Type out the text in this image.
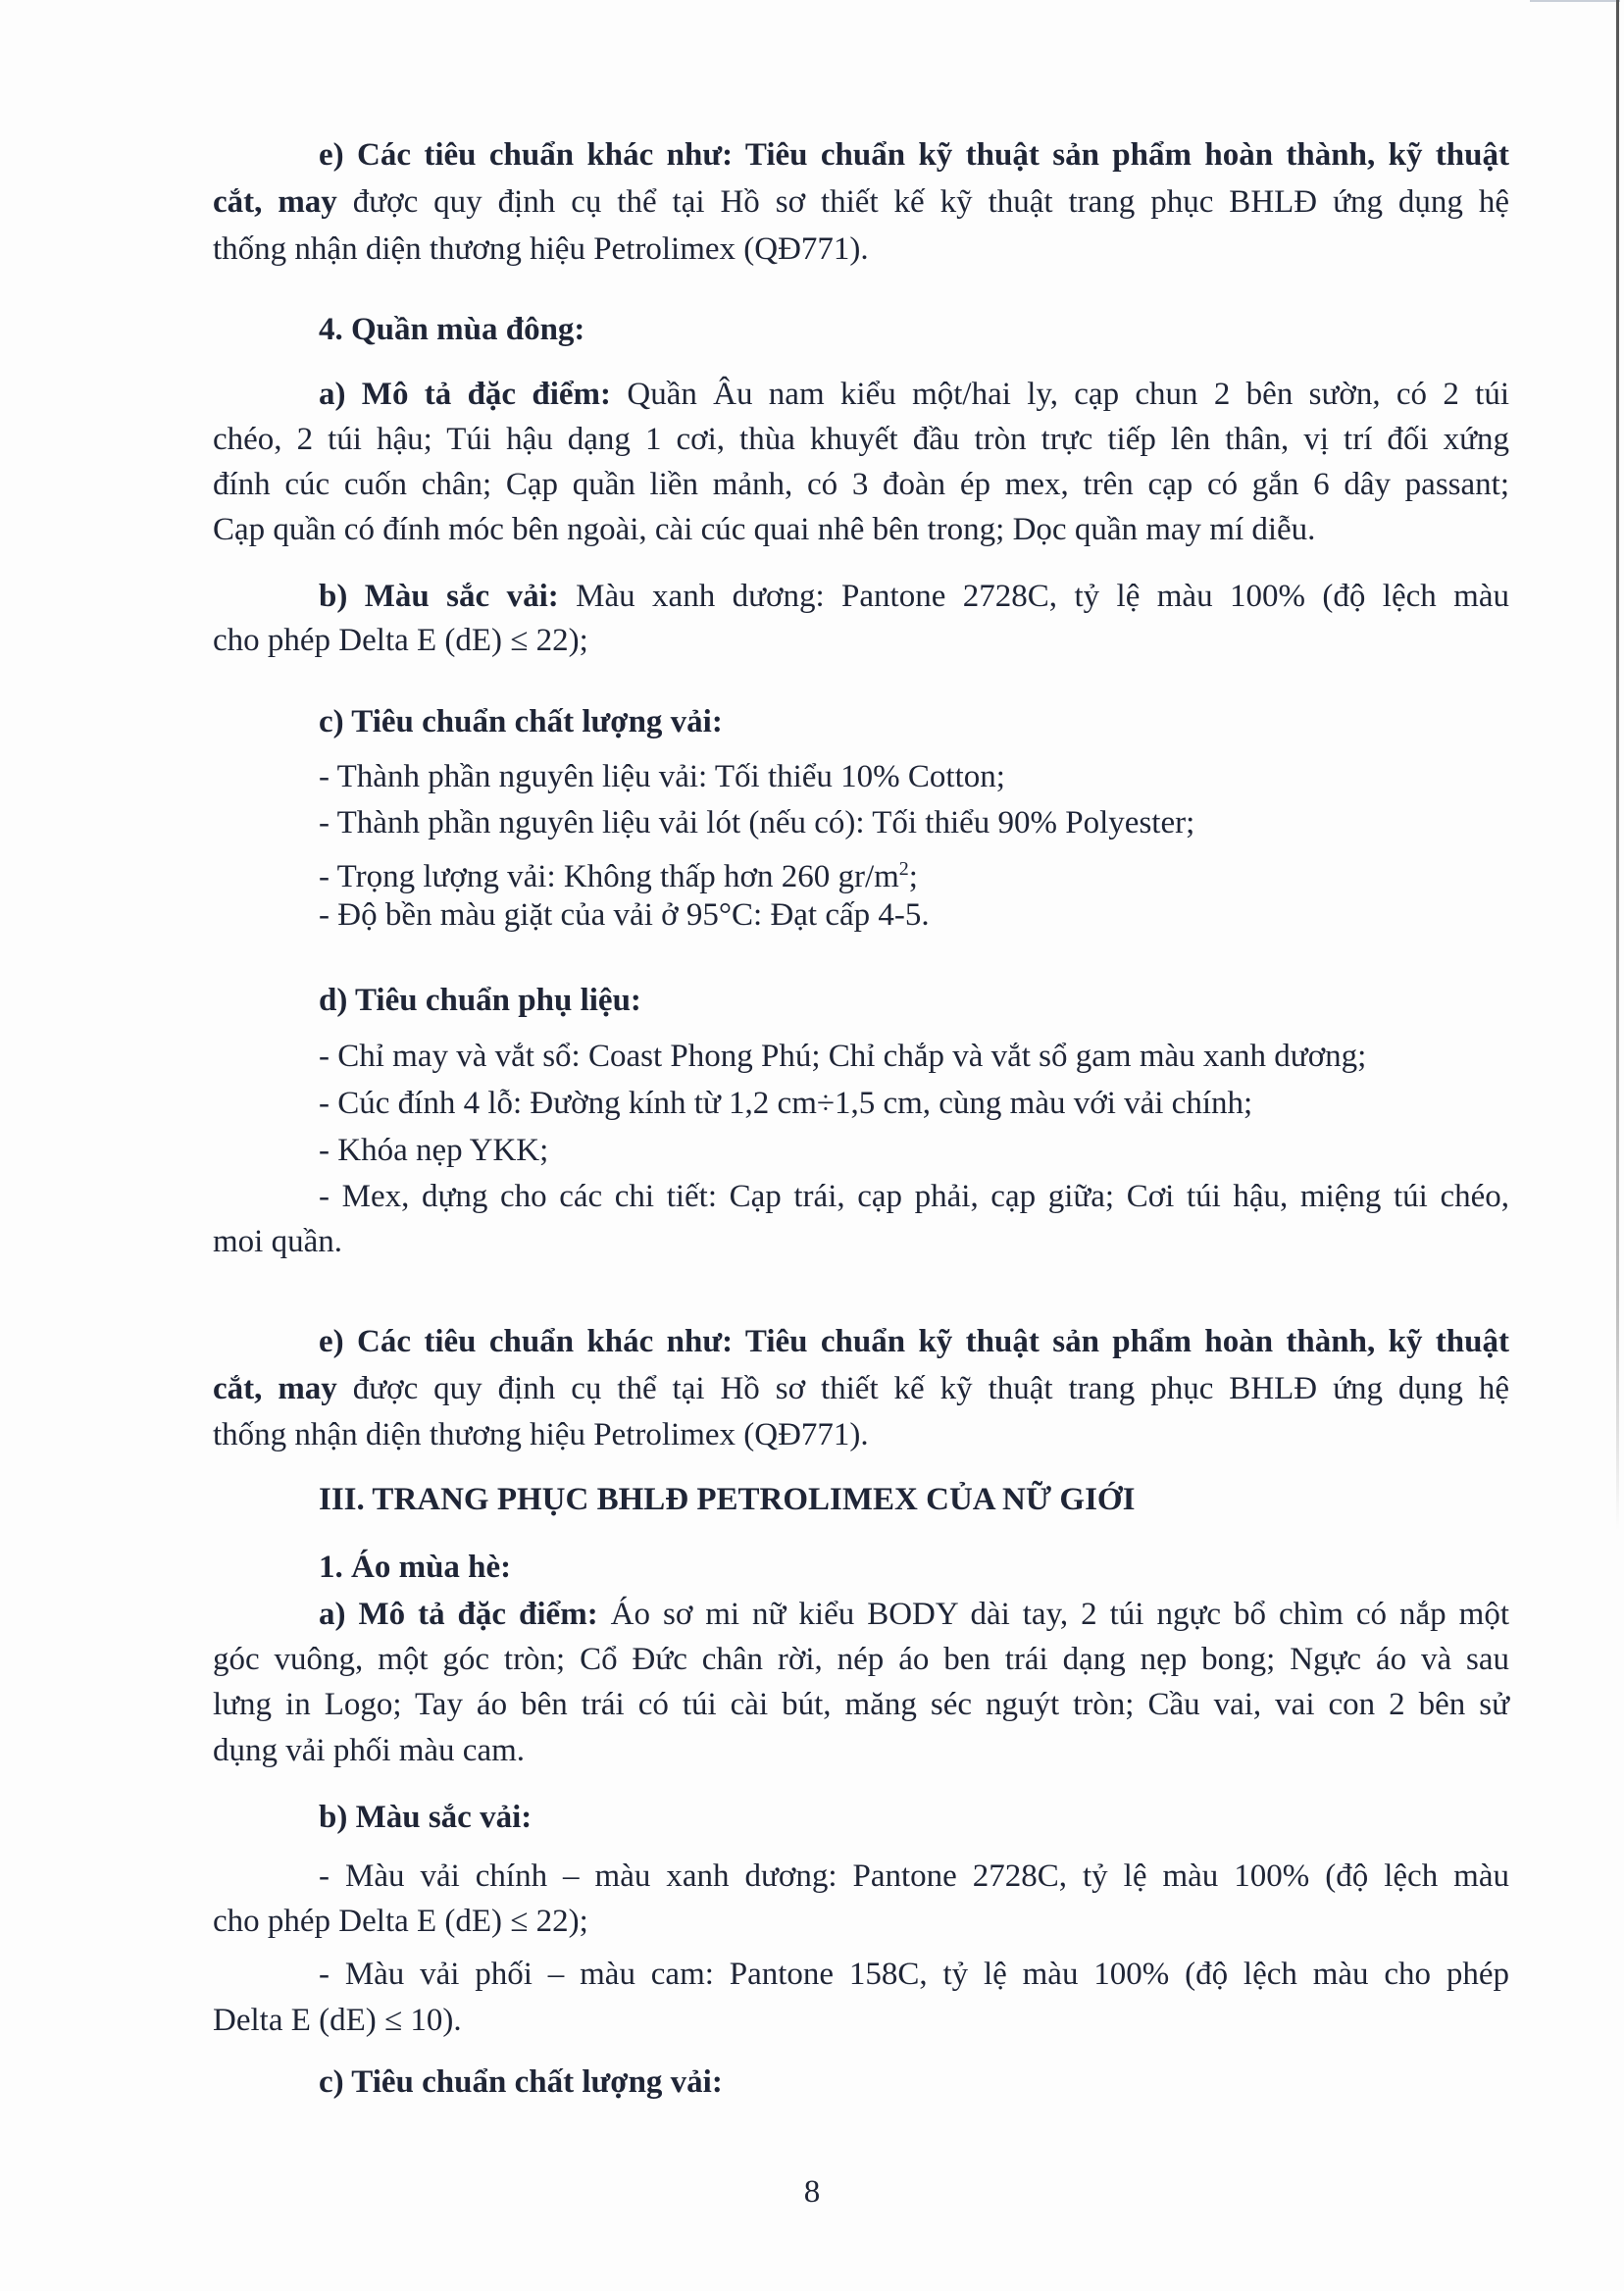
e) Các tiêu chuẩn khác như: Tiêu chuẩn kỹ thuật sản phẩm hoàn thành, kỹ thuật
cắt, may được quy định cụ thể tại Hồ sơ thiết kế kỹ thuật trang phục BHLĐ ứng dụng hệ
thống nhận diện thương hiệu Petrolimex (QĐ771).
4. Quần mùa đông:
a) Mô tả đặc điểm: Quần Âu nam kiểu một/hai ly, cạp chun 2 bên sườn, có 2 túi
chéo, 2 túi hậu; Túi hậu dạng 1 cơi, thùa khuyết đầu tròn trực tiếp lên thân, vị trí đối xứng
đính cúc cuốn chân; Cạp quần liền mảnh, có 3 đoàn ép mex, trên cạp có gắn 6 dây passant;
Cạp quần có đính móc bên ngoài, cài cúc quai nhê bên trong; Dọc quần may mí diễu.
b) Màu sắc vải: Màu xanh dương: Pantone 2728C, tỷ lệ màu 100% (độ lệch màu
cho phép Delta E (dE) ≤ 22);
c) Tiêu chuẩn chất lượng vải:
- Thành phần nguyên liệu vải: Tối thiểu 10% Cotton;
- Thành phần nguyên liệu vải lót (nếu có): Tối thiểu 90% Polyester;
- Trọng lượng vải: Không thấp hơn 260 $gr/m^2$;
- Độ bền màu giặt của vải ở 95°C: Đạt cấp 4-5.
d) Tiêu chuẩn phụ liệu:
- Chỉ may và vắt sổ: Coast Phong Phú; Chỉ chắp và vắt sổ gam màu xanh dương;
- Cúc đính 4 lỗ: Đường kính từ 1,2 cm÷1,5 cm, cùng màu với vải chính;
- Khóa nẹp YKK;
- Mex, dựng cho các chi tiết: Cạp trái, cạp phải, cạp giữa; Cơi túi hậu, miệng túi chéo,
moi quần.
e) Các tiêu chuẩn khác như: Tiêu chuẩn kỹ thuật sản phẩm hoàn thành, kỹ thuật
cắt, may được quy định cụ thể tại Hồ sơ thiết kế kỹ thuật trang phục BHLĐ ứng dụng hệ
thống nhận diện thương hiệu Petrolimex (QĐ771).
III. TRANG PHỤC BHLĐ PETROLIMEX CỦA NỮ GIỚI
1. Áo mùa hè:
a) Mô tả đặc điểm: Áo sơ mi nữ kiểu BODY dài tay, 2 túi ngực bổ chìm có nắp một
góc vuông, một góc tròn; Cổ Đức chân rời, nép áo ben trái dạng nẹp bong; Ngực áo và sau
lưng in Logo; Tay áo bên trái có túi cài bút, măng séc nguýt tròn; Cầu vai, vai con 2 bên sử
dụng vải phối màu cam.
b) Màu sắc vải:
- Màu vải chính – màu xanh dương: Pantone 2728C, tỷ lệ màu 100% (độ lệch màu
cho phép Delta E (dE) ≤ 22);
- Màu vải phối – màu cam: Pantone 158C, tỷ lệ màu 100% (độ lệch màu cho phép
Delta E (dE) ≤ 10).
c) Tiêu chuẩn chất lượng vải:
8
